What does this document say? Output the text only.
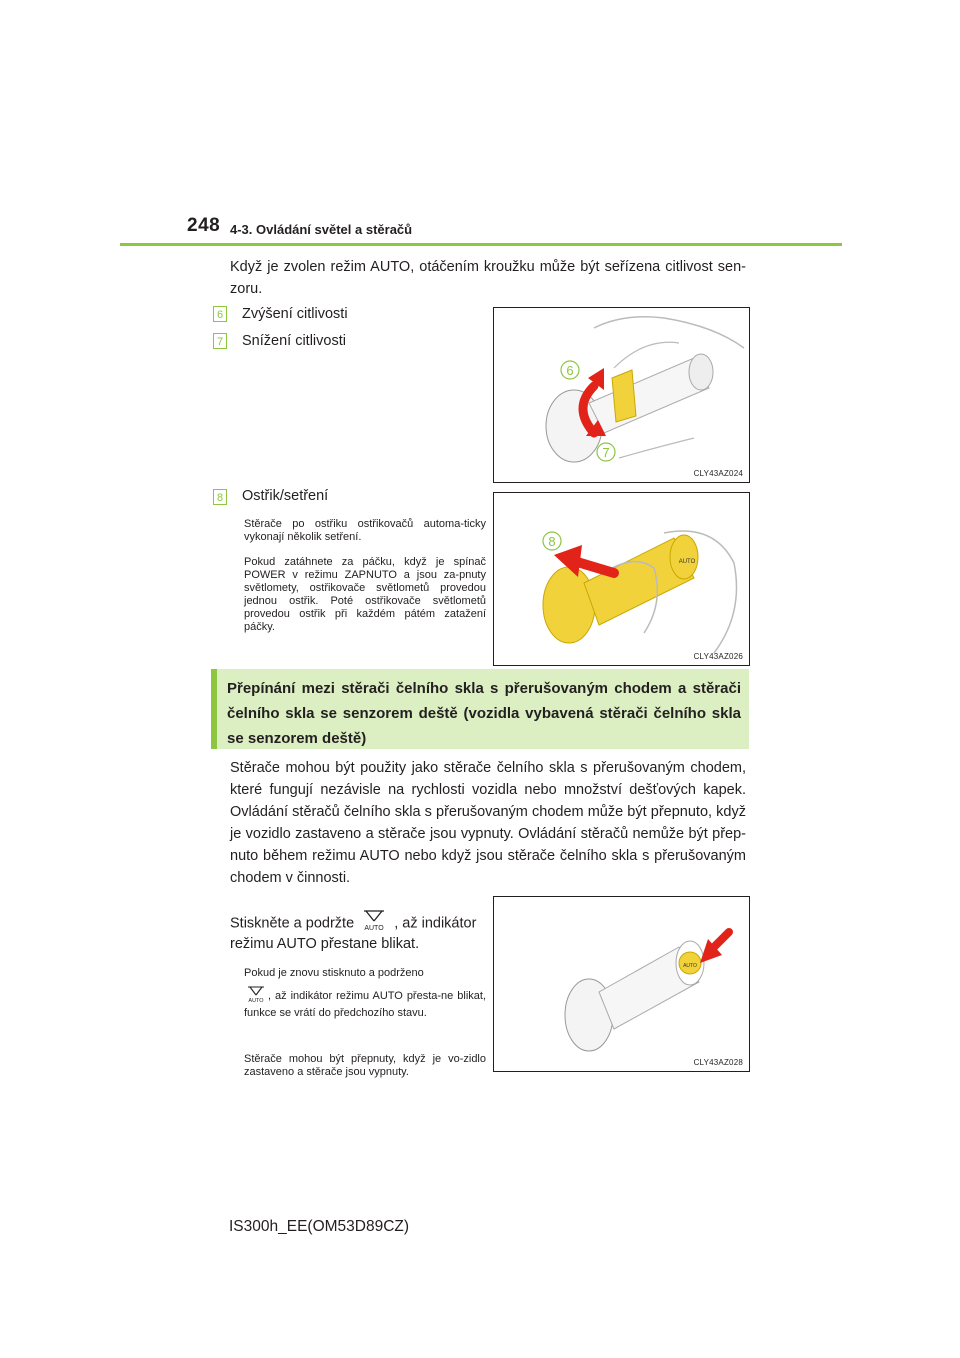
248 4-3. Ovládání světel a stěračů
Když je zvolen režim AUTO, otáčením kroužku může být seřízena citlivost sen-zoru.
6 Zvýšení citlivosti
7 Snížení citlivosti
6
7
CLY43AZ024
8 Ostřik/setření
Stěrače po ostřiku ostřikovačů automa-ticky vykonají několik setření.
Pokud zatáhnete za páčku, když je spínač POWER v režimu ZAPNUTO a jsou za-pnuty světlomety, ostřikovače světlometů provedou jednou ostřik. Poté ostřikovače světlometů provedou ostřik při každém pátém zatažení páčky.
8
AUTO
CLY43AZ026
Přepínání mezi stěrači čelního skla s přerušovaným chodem a stěrači čelního skla se senzorem deště (vozidla vybavená stěrači čelního skla se senzorem deště)
Stěrače mohou být použity jako stěrače čelního skla s přerušovaným chodem, které fungují nezávisle na rychlosti vozidla nebo množství dešťových kapek. Ovládání stěračů čelního skla s přerušovaným chodem může být přepnuto, když je vozidlo zastaveno a stěrače jsou vypnuty. Ovládání stěračů nemůže být přep-nuto během režimu AUTO nebo když jsou stěrače čelního skla s přerušovaným chodem v činnosti.
Stiskněte a podržte AUTO , až indikátor
režimu AUTO přestane blikat.
Pokud je znovu stisknuto a podrženo
AUTO , až indikátor režimu AUTO přesta-ne blikat, funkce se vrátí do předchozího stavu.
Stěrače mohou být přepnuty, když je vo-zidlo zastaveno a stěrače jsou vypnuty.
AUTO
CLY43AZ028
IS300h_EE(OM53D89CZ)
